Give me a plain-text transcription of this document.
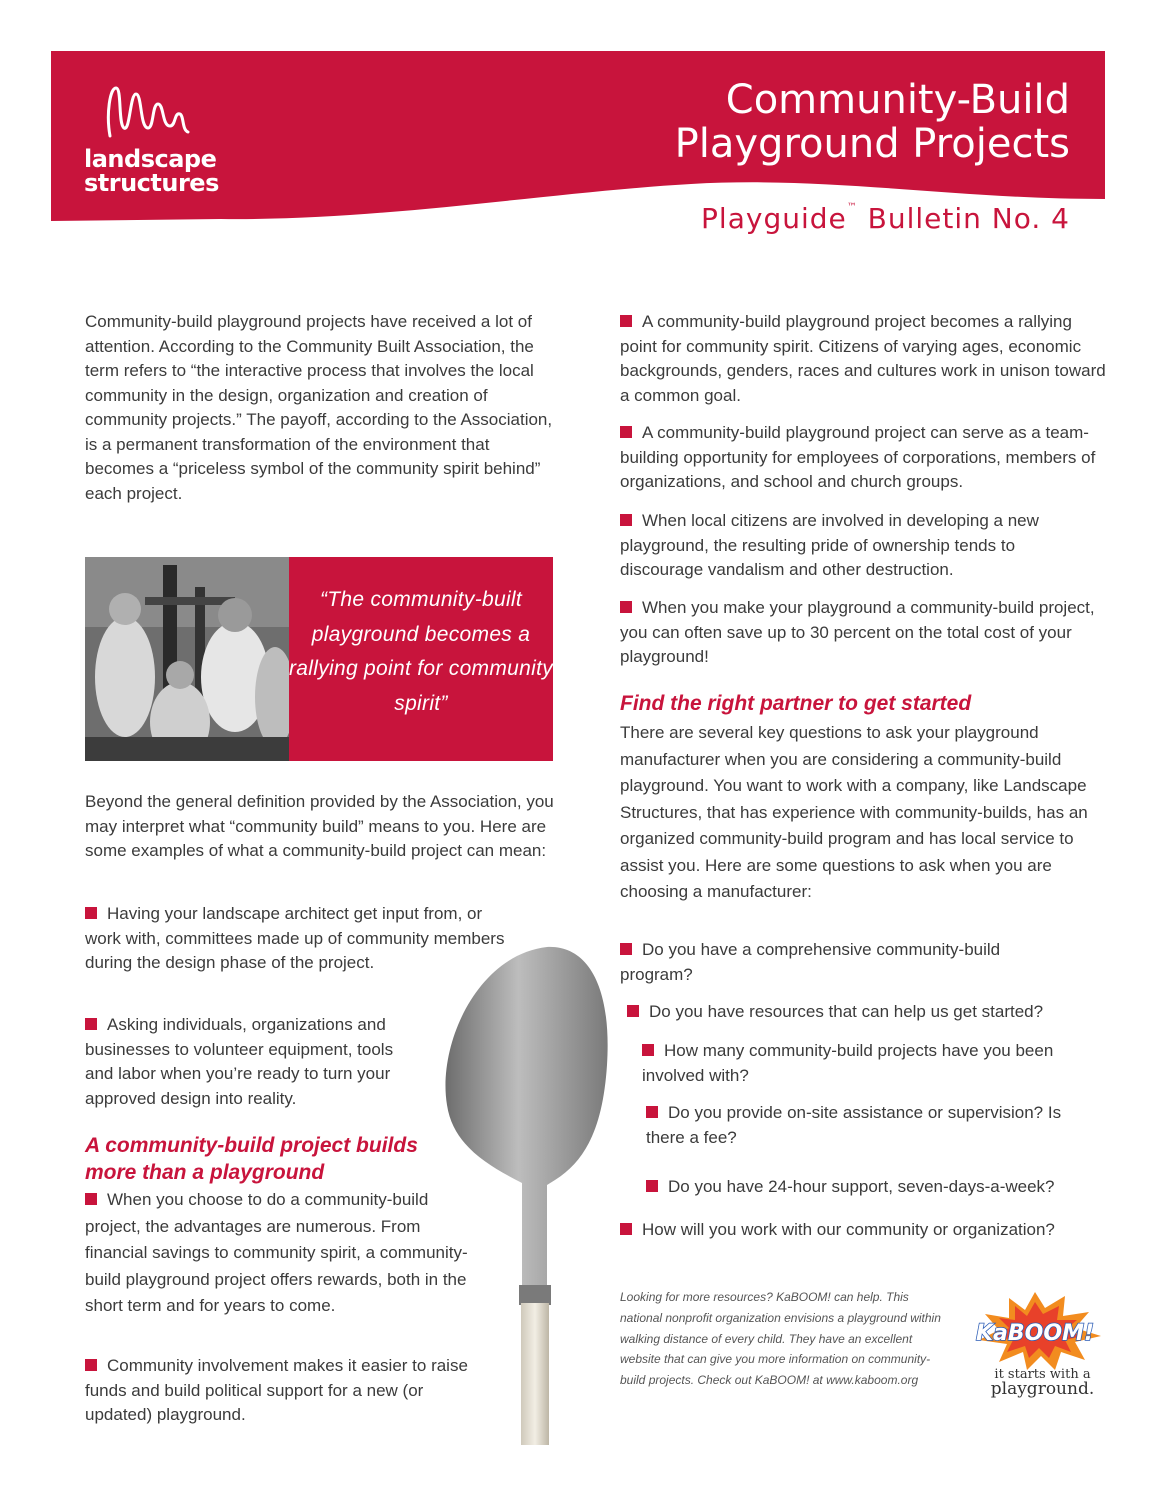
landscape
structures
Community-Build
Playground Projects
Playguide™ Bulletin No. 4
Community-build playground projects have received a lot of attention. According to the Community Built Association, the term refers to “the interactive process that involves the local community in the design, organization and creation of community projects.” The payoff, according to the Association, is a permanent transformation of the environment that becomes a “priceless symbol of the community spirit behind” each project.
“The community-built playground becomes a rallying point for community spirit”
Beyond the general definition provided by the Association, you may interpret what “community build” means to you. Here are some examples of what a community-build project can mean:
Having your landscape architect get input from, or work with, committees made up of community members during the design phase of the project.
Asking individuals, organizations and businesses to volunteer equipment, tools and labor when you’re ready to turn your approved design into reality.
A community-build project builds more than a playground
When you choose to do a community-build project, the advantages are numerous. From financial savings to community spirit, a community-build playground project offers rewards, both in the short term and for years to come.
Community involvement makes it easier to raise funds and build political support for a new (or updated) playground.
A community-build playground project becomes a rallying point for community spirit. Citizens of varying ages, economic backgrounds, genders, races and cultures work in unison toward a common goal.
A community-build playground project can serve as a team-building opportunity for employees of corporations, members of organizations, and school and church groups.
When local citizens are involved in developing a new playground, the resulting pride of ownership tends to discourage vandalism and other destruction.
When you make your playground a community-build project, you can often save up to 30 percent on the total cost of your playground!
Find the right partner to get started
There are several key questions to ask your playground manufacturer when you are considering a community-build playground. You want to work with a company, like Landscape Structures, that has experience with community-builds, has an organized community-build program and has local service to assist you. Here are some questions to ask when you are choosing a manufacturer:
Do you have a comprehensive community-build program?
Do you have resources that can help us get started?
How many community-build projects have you been involved with?
Do you provide on-site assistance or supervision? Is there a fee?
Do you have 24-hour support, seven-days-a-week?
How will you work with our community or organization?
Looking for more resources? KaBOOM! can help. This national nonprofit organization envisions a playground within walking distance of every child. They have an excellent website that can give you more information on community-build projects. Check out KaBOOM! at www.kaboom.org
KaBOOM!
it starts with a
playground.
